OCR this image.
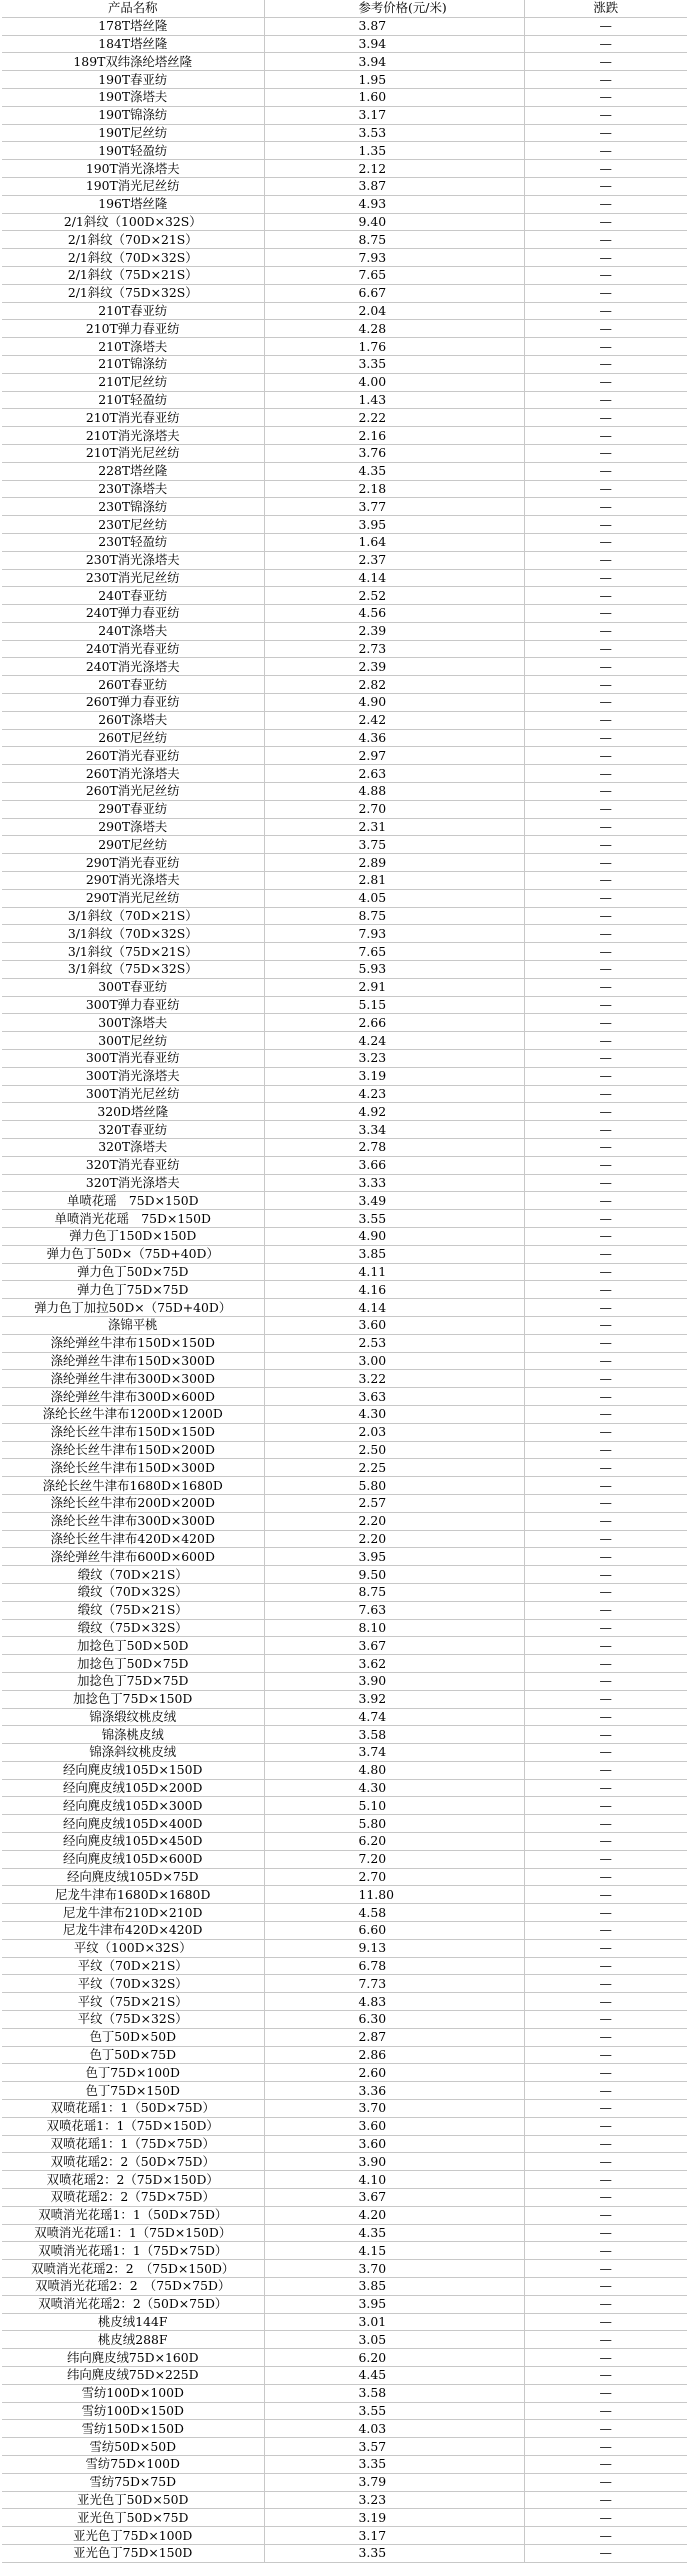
产品名称	参考价格(元/米)	涨跌
178T塔丝隆	3.87	—
184T塔丝隆	3.94	—
189T双纬涤纶塔丝隆	3.94	—
190T春亚纺	1.95	—
190T涤塔夫	1.60	—
190T锦涤纺	3.17	—
190T尼丝纺	3.53	—
190T轻盈纺	1.35	—
190T消光涤塔夫	2.12	—
190T消光尼丝纺	3.87	—
196T塔丝隆	4.93	—
2/1斜纹（100D×32S）	9.40	—
2/1斜纹（70D×21S）	8.75	—
2/1斜纹（70D×32S）	7.93	—
2/1斜纹（75D×21S）	7.65	—
2/1斜纹（75D×32S）	6.67	—
210T春亚纺	2.04	—
210T弹力春亚纺	4.28	—
210T涤塔夫	1.76	—
210T锦涤纺	3.35	—
210T尼丝纺	4.00	—
210T轻盈纺	1.43	—
210T消光春亚纺	2.22	—
210T消光涤塔夫	2.16	—
210T消光尼丝纺	3.76	—
228T塔丝隆	4.35	—
230T涤塔夫	2.18	—
230T锦涤纺	3.77	—
230T尼丝纺	3.95	—
230T轻盈纺	1.64	—
230T消光涤塔夫	2.37	—
230T消光尼丝纺	4.14	—
240T春亚纺	2.52	—
240T弹力春亚纺	4.56	—
240T涤塔夫	2.39	—
240T消光春亚纺	2.73	—
240T消光涤塔夫	2.39	—
260T春亚纺	2.82	—
260T弹力春亚纺	4.90	—
260T涤塔夫	2.42	—
260T尼丝纺	4.36	—
260T消光春亚纺	2.97	—
260T消光涤塔夫	2.63	—
260T消光尼丝纺	4.88	—
290T春亚纺	2.70	—
290T涤塔夫	2.31	—
290T尼丝纺	3.75	—
290T消光春亚纺	2.89	—
290T消光涤塔夫	2.81	—
290T消光尼丝纺	4.05	—
3/1斜纹（70D×21S）	8.75	—
3/1斜纹（70D×32S）	7.93	—
3/1斜纹（75D×21S）	7.65	—
3/1斜纹（75D×32S）	5.93	—
300T春亚纺	2.91	—
300T弹力春亚纺	5.15	—
300T涤塔夫	2.66	—
300T尼丝纺	4.24	—
300T消光春亚纺	3.23	—
300T消光涤塔夫	3.19	—
300T消光尼丝纺	4.23	—
320D塔丝隆	4.92	—
320T春亚纺	3.34	—
320T涤塔夫	2.78	—
320T消光春亚纺	3.66	—
320T消光涤塔夫	3.33	—
单喷花瑶　75D×150D	3.49	—
单喷消光花瑶　75D×150D	3.55	—
弹力色丁150D×150D	4.90	—
弹力色丁50D×（75D+40D）	3.85	—
弹力色丁50D×75D	4.11	—
弹力色丁75D×75D	4.16	—
弹力色丁加拉50D×（75D+40D）	4.14	—
涤锦平桃	3.60	—
涤纶弹丝牛津布150D×150D	2.53	—
涤纶弹丝牛津布150D×300D	3.00	—
涤纶弹丝牛津布300D×300D	3.22	—
涤纶弹丝牛津布300D×600D	3.63	—
涤纶长丝牛津布1200D×1200D	4.30	—
涤纶长丝牛津布150D×150D	2.03	—
涤纶长丝牛津布150D×200D	2.50	—
涤纶长丝牛津布150D×300D	2.25	—
涤纶长丝牛津布1680D×1680D	5.80	—
涤纶长丝牛津布200D×200D	2.57	—
涤纶长丝牛津布300D×300D	2.20	—
涤纶长丝牛津布420D×420D	2.20	—
涤纶弹丝牛津布600D×600D	3.95	—
缎纹（70D×21S）	9.50	—
缎纹（70D×32S）	8.75	—
缎纹（75D×21S）	7.63	—
缎纹（75D×32S）	8.10	—
加捻色丁50D×50D	3.67	—
加捻色丁50D×75D	3.62	—
加捻色丁75D×75D	3.90	—
加捻色丁75D×150D	3.92	—
锦涤缎纹桃皮绒	4.74	—
锦涤桃皮绒	3.58	—
锦涤斜纹桃皮绒	3.74	—
经向麂皮绒105D×150D	4.80	—
经向麂皮绒105D×200D	4.30	—
经向麂皮绒105D×300D	5.10	—
经向麂皮绒105D×400D	5.80	—
经向麂皮绒105D×450D	6.20	—
经向麂皮绒105D×600D	7.20	—
经向麂皮绒105D×75D	2.70	—
尼龙牛津布1680D×1680D	11.80	—
尼龙牛津布210D×210D	4.58	—
尼龙牛津布420D×420D	6.60	—
平纹（100D×32S）	9.13	—
平纹（70D×21S）	6.78	—
平纹（70D×32S）	7.73	—
平纹（75D×21S）	4.83	—
平纹（75D×32S）	6.30	—
色丁50D×50D	2.87	—
色丁50D×75D	2.86	—
色丁75D×100D	2.60	—
色丁75D×150D	3.36	—
双喷花瑶1：1（50D×75D）	3.70	—
双喷花瑶1：1（75D×150D）	3.60	—
双喷花瑶1：1（75D×75D）	3.60	—
双喷花瑶2：2（50D×75D）	3.90	—
双喷花瑶2：2（75D×150D）	4.10	—
双喷花瑶2：2（75D×75D）	3.67	—
双喷消光花瑶1：1（50D×75D）	4.20	—
双喷消光花瑶1：1（75D×150D）	4.35	—
双喷消光花瑶1：1（75D×75D）	4.15	—
双喷消光花瑶2：2　（75D×150D）	3.70	—
双喷消光花瑶2：2　（75D×75D）	3.85	—
双喷消光花瑶2：2（50D×75D）	3.95	—
桃皮绒144F	3.01	—
桃皮绒288F	3.05	—
纬向麂皮绒75D×160D	6.20	—
纬向麂皮绒75D×225D	4.45	—
雪纺100D×100D	3.58	—
雪纺100D×150D	3.55	—
雪纺150D×150D	4.03	—
雪纺50D×50D	3.57	—
雪纺75D×100D	3.35	—
雪纺75D×75D	3.79	—
亚光色丁50D×50D	3.23	—
亚光色丁50D×75D	3.19	—
亚光色丁75D×100D	3.17	—
亚光色丁75D×150D	3.35	—
